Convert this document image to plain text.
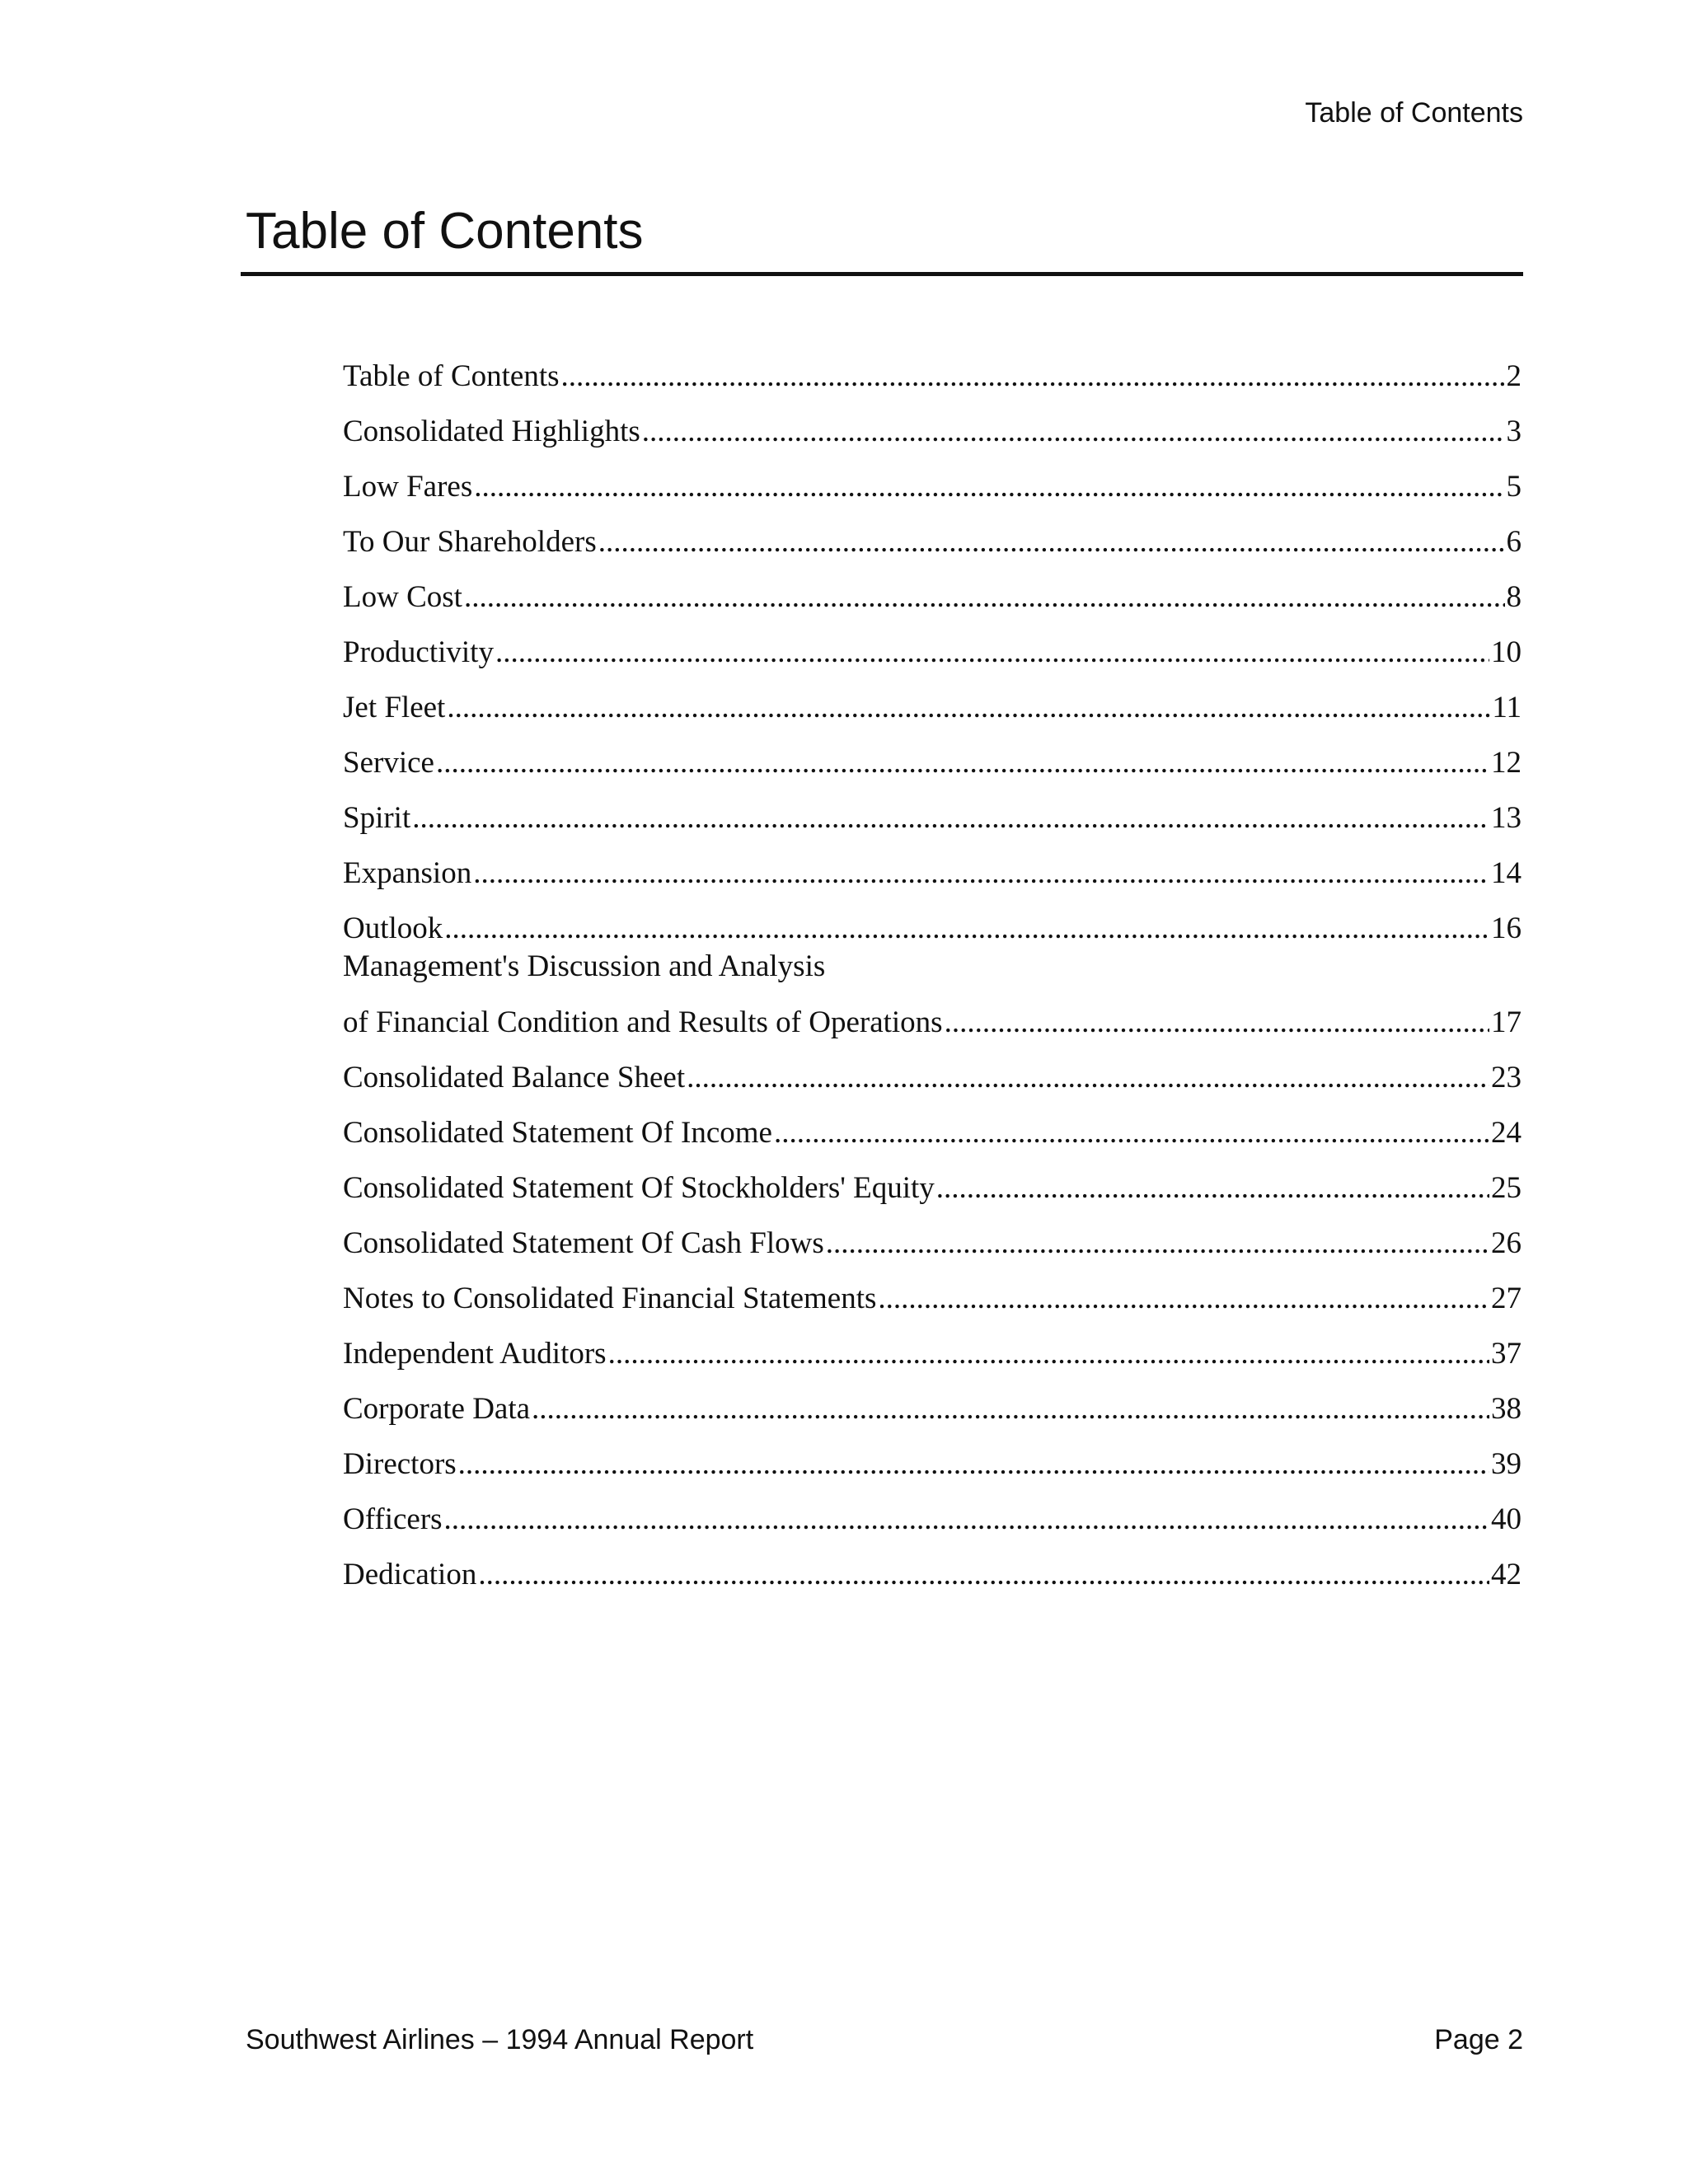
Table of Contents
Table of Contents
Table of Contents .....	2
Consolidated Highlights .....	3
Low Fares .....	5
To Our Shareholders .....	6
Low Cost .....	8
Productivity .....	10
Jet Fleet .....	11
Service .....	12
Spirit .....	13
Expansion .....	14
Outlook .....	16
Management's Discussion and Analysis
of Financial Condition and Results of Operations .....	17
Consolidated Balance Sheet .....	23
Consolidated Statement Of Income .....	24
Consolidated Statement Of Stockholders' Equity .....	25
Consolidated Statement Of Cash Flows .....	26
Notes to Consolidated Financial Statements .....	27
Independent Auditors .....	37
Corporate Data .....	38
Directors .....	39
Officers .....	40
Dedication .....	42
Southwest Airlines – 1994 Annual Report	Page 2
